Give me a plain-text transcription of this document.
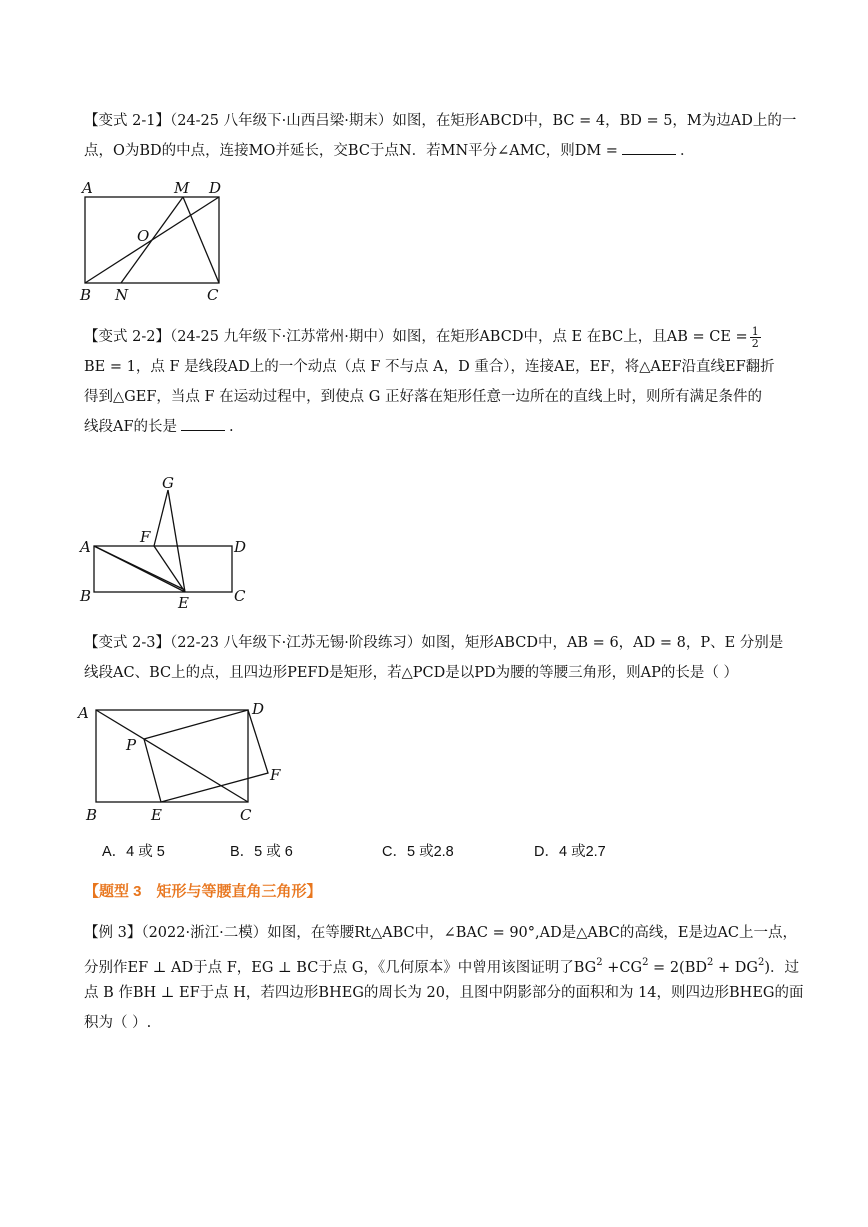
【变式 2-1】（24-25 八年级下·山西吕梁·期末）如图，在矩形ABCD中，BC = 4，BD = 5，M为边AD上的一
点，O为BD的中点，连接MO并延长，交BC于点N．若MN平分∠AMC，则DM =	．
A	M D
O
B N	C
【变式 2-2】（24-25 九年级下·江苏常州·期中）如图，在矩形ABCD中，点 E 在BC上，且AB = CE = $\frac{1}{2}$
BE = 1，点 F 是线段AD上的一个动点（点 F 不与点 A，D 重合），连接AE，EF，将△AEF沿直线EF翻折
得到△GEF，当点 F 在运动过程中，到使点 G 正好落在矩形任意一边所在的直线上时，则所有满足条件的
线段AF的长是	.
G
F
A	D
B	E	C
【变式 2-3】（22-23 八年级下·江苏无锡·阶段练习）如图，矩形ABCD中，AB = 6，AD = 8，P、E 分别是
线段AC、BC上的点，且四边形PEFD是矩形，若△PCD是以PD为腰的等腰三角形，则AP的长是（ ）
A	D
P
F
B	E	C
A．4 或 5	B．5 或 6	C．5 或2.8	D．4 或2.7
【题型 3　矩形与等腰直角三角形】
【例 3】（2022·浙江·二模）如图，在等腰Rt△ABC中，∠BAC = 90°,AD是△ABC的高线，E是边AC上一点，
分别作EF ⊥ AD于点 F，EG ⊥ BC于点 G，《几何原本》中曾用该图证明了$BG^2 +CG^2 = 2(BD^2 + DG^2)$．过
点 B 作BH ⊥ EF于点 H，若四边形BHEG的周长为 20，且图中阴影部分的面积和为 14，则四边形BHEG的面
积为（ ）.
